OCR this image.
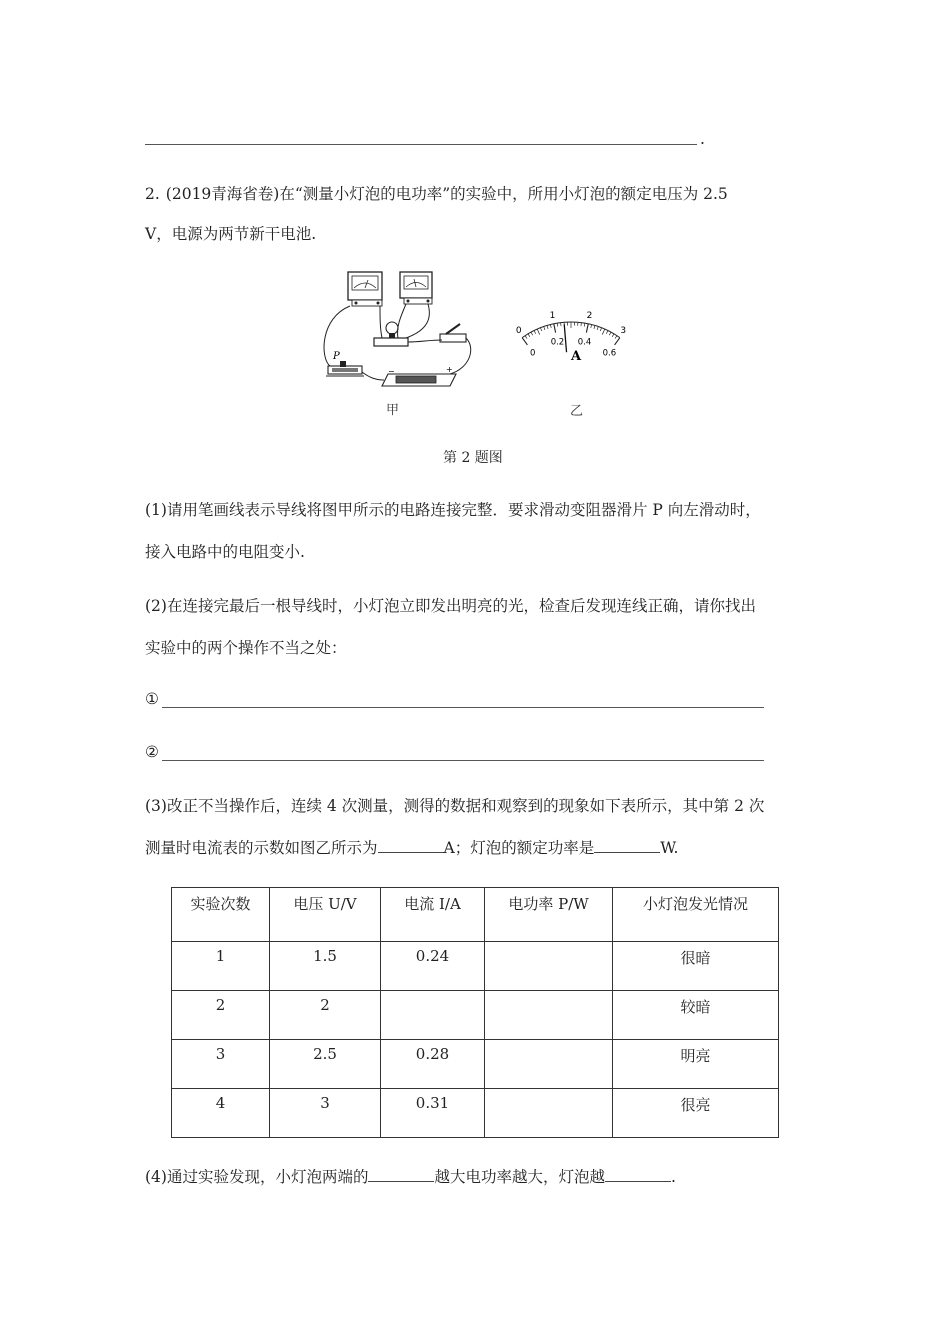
.
2. (2019青海省卷)在“测量小灯泡的电功率”的实验中，所用小灯泡的额定电压为 2.5
V，电源为两节新干电池.
−	+
P
甲
0
1	2
3
0
0.2 0.4
0.6
A
乙
第 2 题图
(1)请用笔画线表示导线将图甲所示的电路连接完整．要求滑动变阻器滑片 P 向左滑动时，
接入电路中的电阻变小.
(2)在连接完最后一根导线时，小灯泡立即发出明亮的光，检查后发现连线正确，请你找出
实验中的两个操作不当之处：
①
②
(3)改正不当操作后，连续 4 次测量，测得的数据和观察到的现象如下表所示，其中第 2 次
测量时电流表的示数如图乙所示为	A；灯泡的额定功率是	W.
实验次数	电压 U/V	电流 I/A	电功率 P/W	小灯泡发光情况
1	1.5	0.24		很暗
2	2			较暗
3	2.5	0.28		明亮
4	3	0.31		很亮
(4)通过实验发现，小灯泡两端的	越大电功率越大，灯泡越	.
